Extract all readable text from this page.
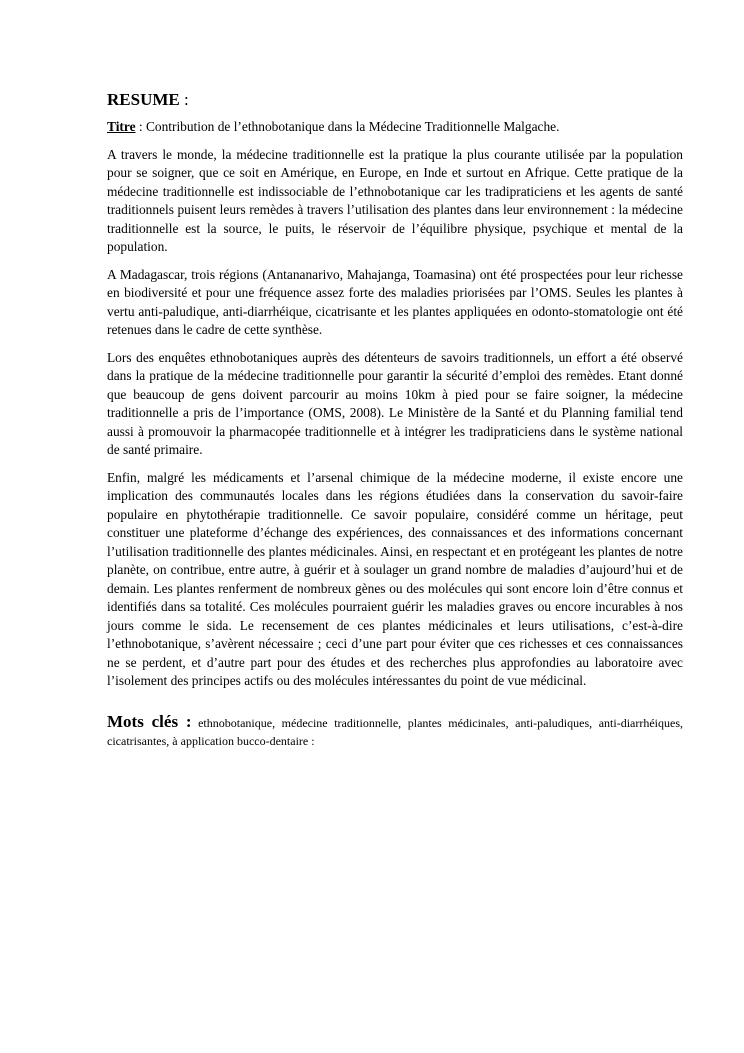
RESUME :
Titre : Contribution de l’ethnobotanique dans la Médecine Traditionnelle Malgache.

A travers le monde, la médecine traditionnelle est la pratique la plus courante utilisée par la population pour se soigner, que ce soit en Amérique, en Europe, en Inde et surtout en Afrique. Cette pratique de la médecine traditionnelle est indissociable de l’ethnobotanique car les tradipraticiens et les agents de santé traditionnels puisent leurs remèdes à travers l’utilisation des plantes dans leur environnement : la médecine traditionnelle est la source, le puits, le réservoir de l’équilibre physique, psychique et mental de la population.

A Madagascar, trois régions (Antananarivo, Mahajanga, Toamasina) ont été prospectées pour leur richesse en biodiversité et pour une fréquence assez forte des maladies priorisées par l’OMS. Seules les plantes à vertu anti-paludique, anti-diarrhéique, cicatrisante et les plantes appliquées en odonto-stomatologie ont été retenues dans le cadre de cette synthèse.

Lors des enquêtes ethnobotaniques auprès des détenteurs de savoirs traditionnels, un effort a été observé dans la pratique de la médecine traditionnelle pour garantir la sécurité d’emploi des remèdes. Etant donné que beaucoup de gens doivent parcourir au moins 10km à pied pour se faire soigner, la médecine traditionnelle a pris de l’importance (OMS, 2008). Le Ministère de la Santé et du Planning familial tend aussi à promouvoir la pharmacopée traditionnelle et à intégrer les tradipraticiens dans le système national de santé primaire.

Enfin, malgré les médicaments et l’arsenal chimique de la médecine moderne, il existe encore une implication des communautés locales dans les régions étudiées dans la conservation du savoir-faire populaire en phytothérapie traditionnelle. Ce savoir populaire, considéré comme un héritage, peut constituer une plateforme d’échange des expériences, des connaissances et des informations concernant l’utilisation traditionnelle des plantes médicinales. Ainsi, en respectant et en protégeant les plantes de notre planète, on contribue, entre autre, à guérir et à soulager un grand nombre de maladies d’aujourd’hui et de demain. Les plantes renferment de nombreux gènes ou des molécules qui sont encore loin d’être connus et identifiés dans sa totalité. Ces molécules pourraient guérir les maladies graves ou encore incurables à nos jours comme le sida. Le recensement de ces plantes médicinales et leurs utilisations, c’est-à-dire l’ethnobotanique, s’avèrent nécessaire ; ceci d’une part pour éviter que ces richesses et ces connaissances ne se perdent, et d’autre part pour des études et des recherches plus approfondies au laboratoire avec l’isolement des principes actifs ou des molécules intéressantes du point de vue médicinal.

Mots clés : ethnobotanique, médecine traditionnelle, plantes médicinales, anti-paludiques, anti-diarrhéiques, cicatrisantes, à application bucco-dentaire :
